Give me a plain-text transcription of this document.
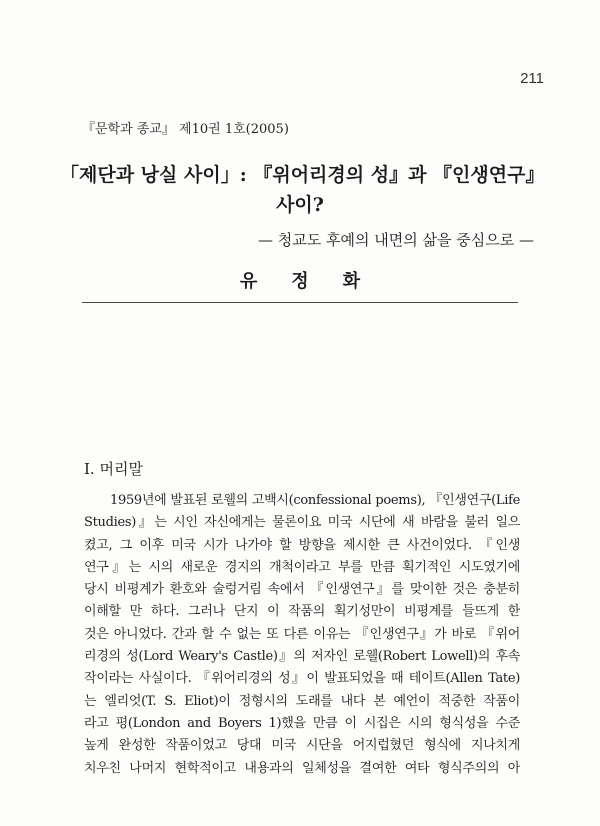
211
『문학과 종교』 제10권 1호(2005)
「제단과 낭실 사이」: 『위어리경의 성』과 『인생연구』
사이?
— 청교도 후예의 내면의 삶을 중심으로 —
유정화
I. 머리말
1959년에 발표된 로웰의 고백시(confessional poems), 『인생연구(Life
Studies)』는 시인 자신에게는 물론이요 미국 시단에 새 바람을 불러 일으
켰고, 그 이후 미국 시가 나가야 할 방향을 제시한 큰 사건이었다. 『인생
연구』는 시의 새로운 경지의 개척이라고 부를 만큼 획기적인 시도였기에
당시 비평계가 환호와 술렁거림 속에서 『인생연구』를 맞이한 것은 충분히
이해할 만 하다. 그러나 단지 이 작품의 획기성만이 비평계를 들뜨게 한
것은 아니었다. 간과 할 수 없는 또 다른 이유는 『인생연구』가 바로 『위어
리경의 성(Lord Weary's Castle)』의 저자인 로웰(Robert Lowell)의 후속
작이라는 사실이다. 『위어리경의 성』이 발표되었을 때 테이트(Allen Tate)
는 엘리엇(T. S. Eliot)이 정형시의 도래를 내다 본 예언이 적중한 작품이
라고 평(London and Boyers 1)했을 만큼 이 시집은 시의 형식성을 수준
높게 완성한 작품이었고 당대 미국 시단을 어지럽혔던 형식에 지나치게
치우친 나머지 현학적이고 내용과의 일체성을 결여한 여타 형식주의의 아
